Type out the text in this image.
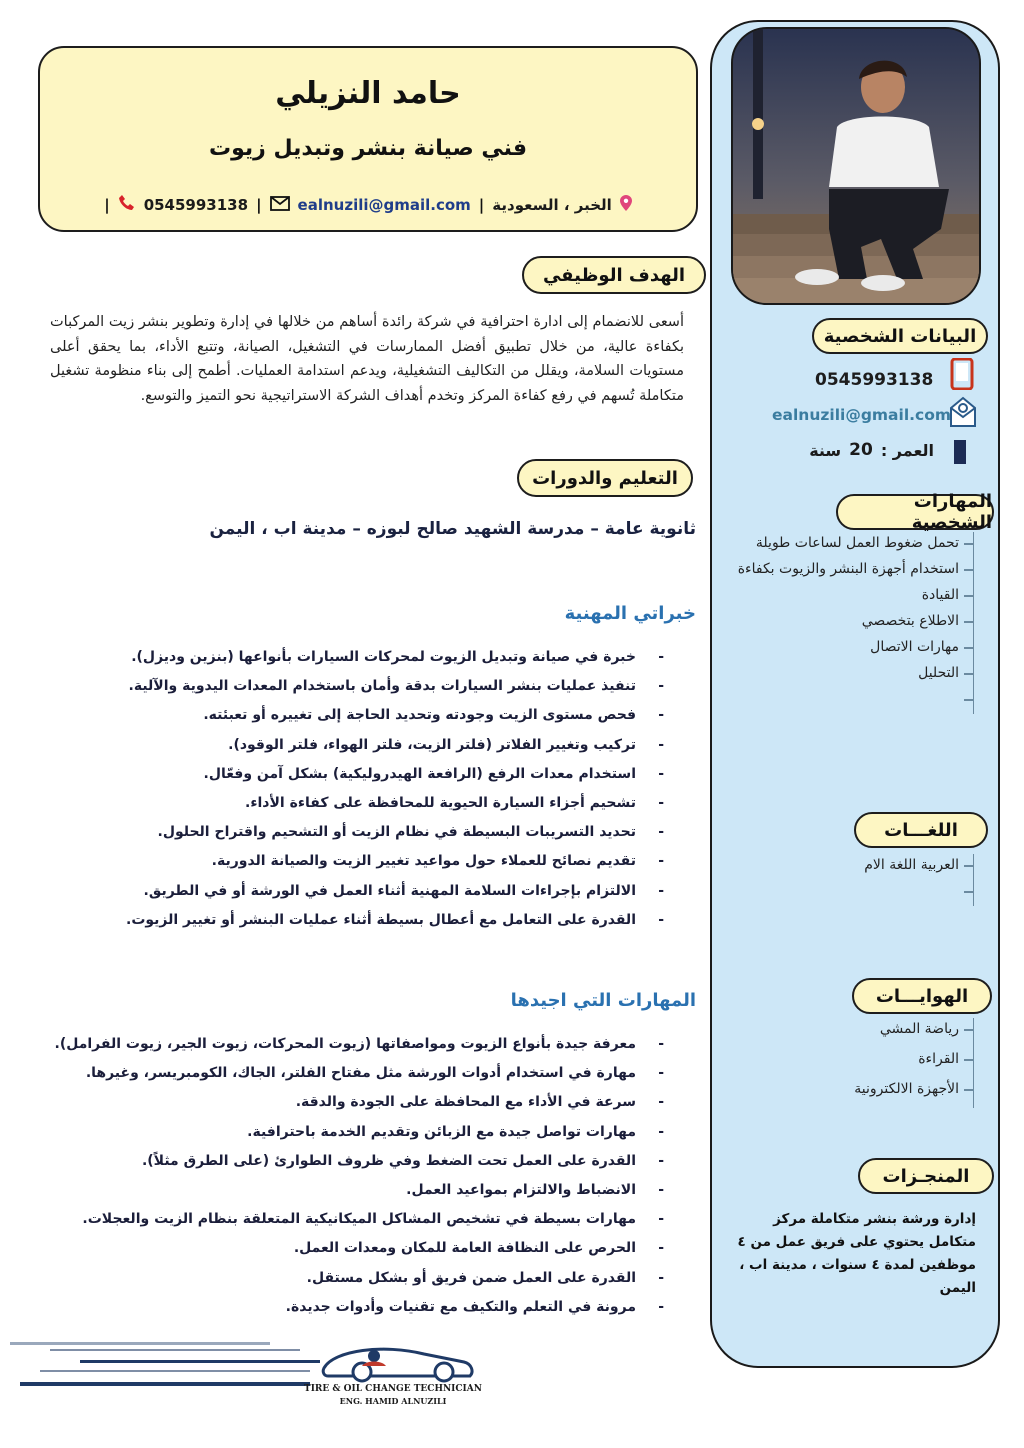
حامد النزيلي
فني صيانة بنشر وتبديل زيوت
الخبر ، السعودية
|
ealnuzili@gmail.com
|
0545993138
|
البيانات الشخصية
0545993138
ealnuzili@gmail.com
العمر :
20
سنة
المهارات الشخصية
تحمل ضغوط العمل لساعات طويلة
استخدام أجهزة البنشر والزيوت بكفاءة
القيادة
الاطلاع بتخصصي
مهارات الاتصال
التحليل
اللغـــات
العربية اللغة الام
الهوايـــات
رياضة المشي
القراءة
الأجهزة الالكترونية
المنجـزات
إدارة ورشة بنشر متكاملة مركز متكامل يحتوي على فريق عمل من ٤ موظفين لمدة ٤ سنوات ، مدينة اب ، اليمن
الهدف الوظيفي
أسعى للانضمام إلى ادارة احترافية في شركة رائدة أساهم من خلالها في إدارة وتطوير بنشر زيت المركبات بكفاءة عالية، من خلال تطبيق أفضل الممارسات في التشغيل، الصيانة، وتتبع الأداء، بما يحقق أعلى مستويات السلامة، ويقلل من التكاليف التشغيلية، ويدعم استدامة العمليات. أطمح إلى بناء منظومة تشغيل متكاملة تُسهم في رفع كفاءة المركز وتخدم أهداف الشركة الاستراتيجية نحو التميز والتوسع.
التعليم والدورات
ثانوية عامة – مدرسة الشهيد صالح لبوزه – مدينة اب ، اليمن
خبراتي المهنية
- خبرة في صيانة وتبديل الزيوت لمحركات السيارات بأنواعها (بنزين وديزل).
- تنفيذ عمليات بنشر السيارات بدقة وأمان باستخدام المعدات اليدوية والآلية.
- فحص مستوى الزيت وجودته وتحديد الحاجة إلى تغييره أو تعبئته.
- تركيب وتغيير الفلاتر (فلتر الزيت، فلتر الهواء، فلتر الوقود).
- استخدام معدات الرفع (الرافعة الهيدروليكية) بشكل آمن وفعّال.
- تشحيم أجزاء السيارة الحيوية للمحافظة على كفاءة الأداء.
- تحديد التسريبات البسيطة في نظام الزيت أو التشحيم واقتراح الحلول.
- تقديم نصائح للعملاء حول مواعيد تغيير الزيت والصيانة الدورية.
- الالتزام بإجراءات السلامة المهنية أثناء العمل في الورشة أو في الطريق.
- القدرة على التعامل مع أعطال بسيطة أثناء عمليات البنشر أو تغيير الزيوت.
المهارات التي اجيدها
- معرفة جيدة بأنواع الزيوت ومواصفاتها (زيوت المحركات، زيوت الجير، زيوت الفرامل).
- مهارة في استخدام أدوات الورشة مثل مفتاح الفلتر، الجاك، الكومبريسر، وغيرها.
- سرعة في الأداء مع المحافظة على الجودة والدقة.
- مهارات تواصل جيدة مع الزبائن وتقديم الخدمة باحترافية.
- القدرة على العمل تحت الضغط وفي ظروف الطوارئ (على الطرق مثلاً).
- الانضباط والالتزام بمواعيد العمل.
- مهارات بسيطة في تشخيص المشاكل الميكانيكية المتعلقة بنظام الزيت والعجلات.
- الحرص على النظافة العامة للمكان ومعدات العمل.
- القدرة على العمل ضمن فريق أو بشكل مستقل.
- مرونة في التعلم والتكيف مع تقنيات وأدوات جديدة.
TIRE & OIL CHANGE TECHNICIAN
ENG. HAMID ALNUZILI
